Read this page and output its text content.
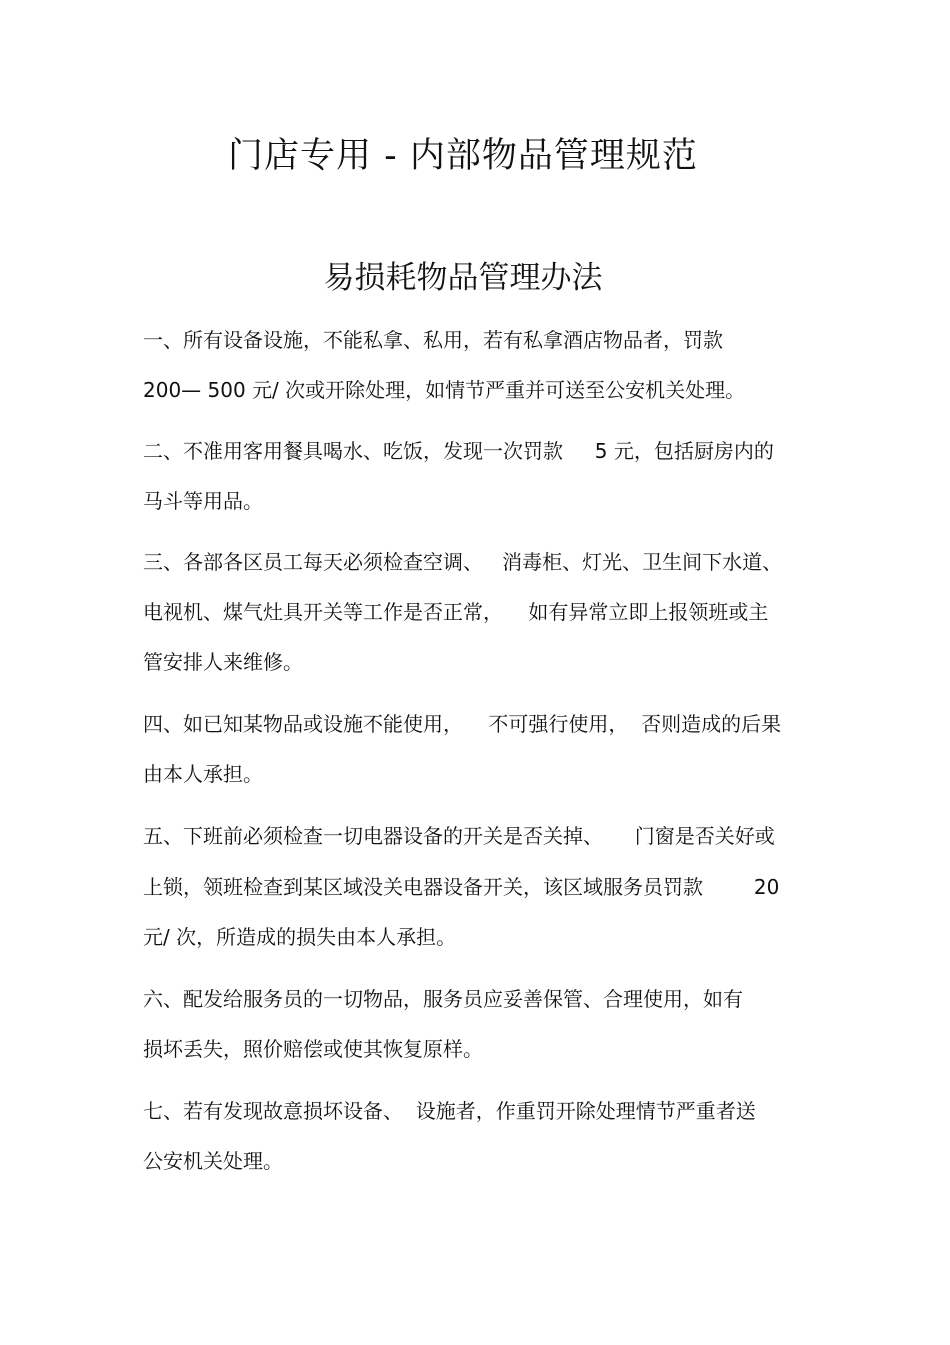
门店专用 - 内部物品管理规范
易损耗物品管理办法

一、所有设备设施，不能私拿、私用，若有私拿酒店物品者，罚款

200— 500 元/ 次或开除处理，如情节严重并可送至公安机关处理。

二、不准用客用餐具喝水、吃饭，发现一次罚款     5 元，包括厨房内的

马斗等用品。

三、各部各区员工每天必须检查空调、   消毒柜、灯光、卫生间下水道、

电视机、煤气灶具开关等工作是否正常，    如有异常立即上报领班或主

管安排人来维修。

四、如已知某物品或设施不能使用，    不可强行使用，  否则造成的后果

由本人承担。

五、下班前必须检查一切电器设备的开关是否关掉、     门窗是否关好或

上锁，领班检查到某区域没关电器设备开关，该区域服务员罚款        20

元/ 次，所造成的损失由本人承担。

六、配发给服务员的一切物品，服务员应妥善保管、合理使用，如有

损坏丢失，照价赔偿或使其恢复原样。

七、若有发现故意损坏设备、  设施者，作重罚开除处理情节严重者送

公安机关处理。
